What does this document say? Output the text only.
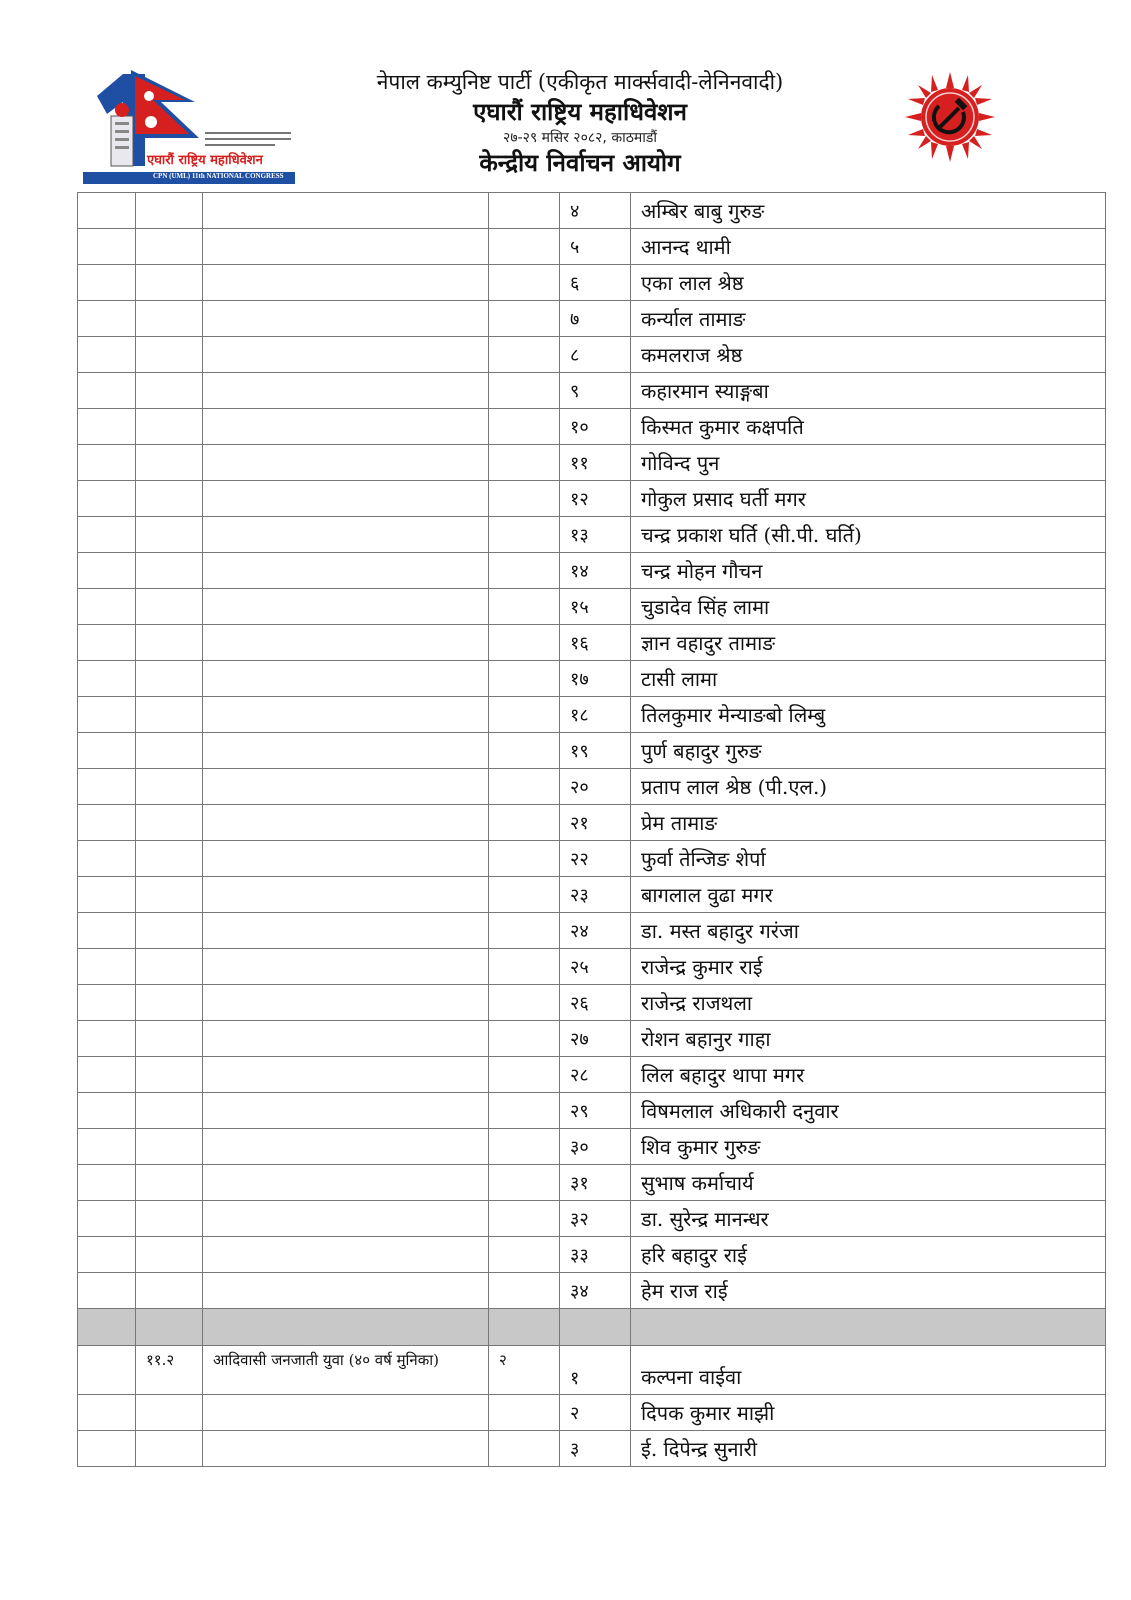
एघारौं राष्ट्रिय महाधिवेशन
CPN (UML) 11th NATIONAL CONGRESS
नेपाल कम्युनिष्ट पार्टी (एकीकृत मार्क्सवादी-लेनिनवादी)
एघारौं राष्ट्रिय महाधिवेशन
२७-२९ मसिर २०८२, काठमाडौं
केन्द्रीय निर्वाचन आयोग
				४	अम्बिर बाबु गुरुङ
				५	आनन्द थामी
				६	एका लाल श्रेष्ठ
				७	कर्न्याल तामाङ
				८	कमलराज श्रेष्ठ
				९	कहारमान स्याङ्गबा
				१०	किस्मत कुमार कक्षपति
				११	गोविन्द पुन
				१२	गोकुल प्रसाद घर्ती मगर
				१३	चन्द्र प्रकाश घर्ति (सी.पी. घर्ति)
				१४	चन्द्र मोहन गौचन
				१५	चुडादेव सिंह लामा
				१६	ज्ञान वहादुर तामाङ
				१७	टासी लामा
				१८	तिलकुमार मेन्याङबो लिम्बु
				१९	पुर्ण बहादुर गुरुङ
				२०	प्रताप लाल श्रेष्ठ (पी.एल.)
				२१	प्रेम तामाङ
				२२	फुर्वा तेन्जिङ शेर्पा
				२३	बागलाल वुढा मगर
				२४	डा. मस्त बहादुर गरंजा
				२५	राजेन्द्र कुमार राई
				२६	राजेन्द्र राजथला
				२७	रोशन बहानुर गाहा
				२८	लिल बहादुर थापा मगर
				२९	विषमलाल अधिकारी दनुवार
				३०	शिव कुमार गुरुङ
				३१	सुभाष कर्माचार्य
				३२	डा. सुरेन्द्र मानन्धर
				३३	हरि बहादुर राई
				३४	हेम राज राई

	११.२	आदिवासी जनजाती युवा (४० वर्ष मुनिका)	२	१	कल्पना वाईवा
				२	दिपक कुमार माझी
				३	ई. दिपेन्द्र सुनारी
